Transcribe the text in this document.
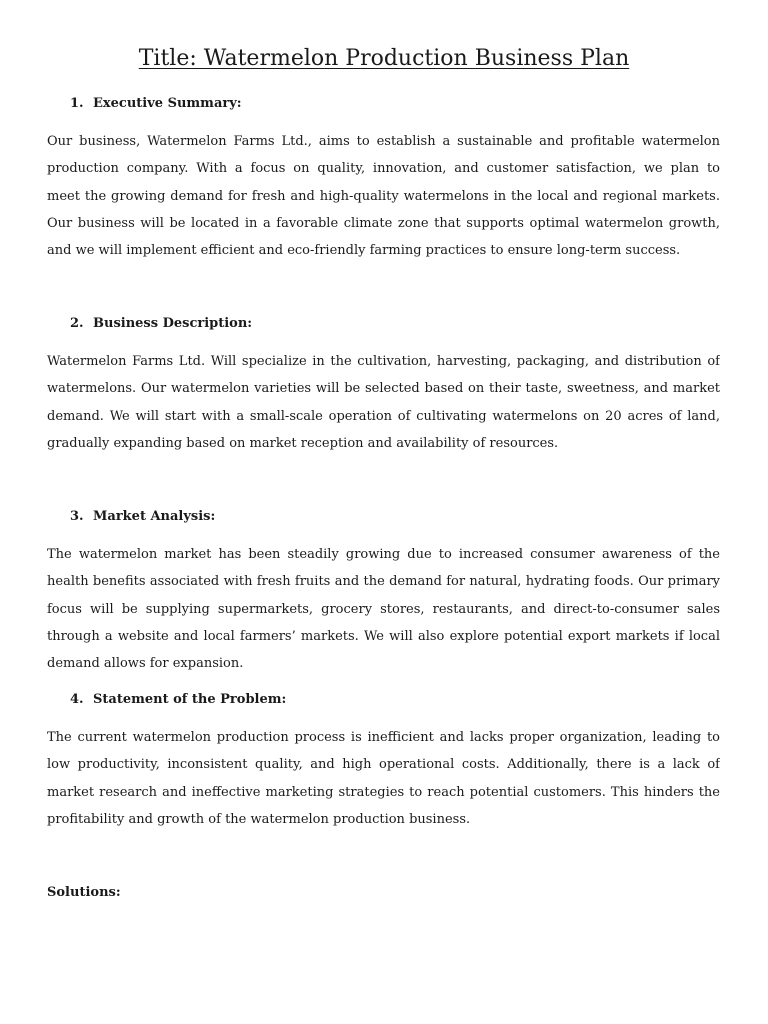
Title: Watermelon Production Business Plan
1. Executive Summary:
Our business, Watermelon Farms Ltd., aims to establish a sustainable and profitable watermelon
production company. With a focus on quality, innovation, and customer satisfaction, we plan to
meet the growing demand for fresh and high-quality watermelons in the local and regional markets.
Our business will be located in a favorable climate zone that supports optimal watermelon growth,
and we will implement efficient and eco-friendly farming practices to ensure long-term success.
2. Business Description:
Watermelon Farms Ltd. Will specialize in the cultivation, harvesting, packaging, and distribution of
watermelons. Our watermelon varieties will be selected based on their taste, sweetness, and market
demand. We will start with a small-scale operation of cultivating watermelons on 20 acres of land,
gradually expanding based on market reception and availability of resources.
3. Market Analysis:
The watermelon market has been steadily growing due to increased consumer awareness of the
health benefits associated with fresh fruits and the demand for natural, hydrating foods. Our primary
focus will be supplying supermarkets, grocery stores, restaurants, and direct-to-consumer sales
through a website and local farmers’ markets. We will also explore potential export markets if local
demand allows for expansion.
4. Statement of the Problem:
The current watermelon production process is inefficient and lacks proper organization, leading to
low productivity, inconsistent quality, and high operational costs. Additionally, there is a lack of
market research and ineffective marketing strategies to reach potential customers. This hinders the
profitability and growth of the watermelon production business.
Solutions:
